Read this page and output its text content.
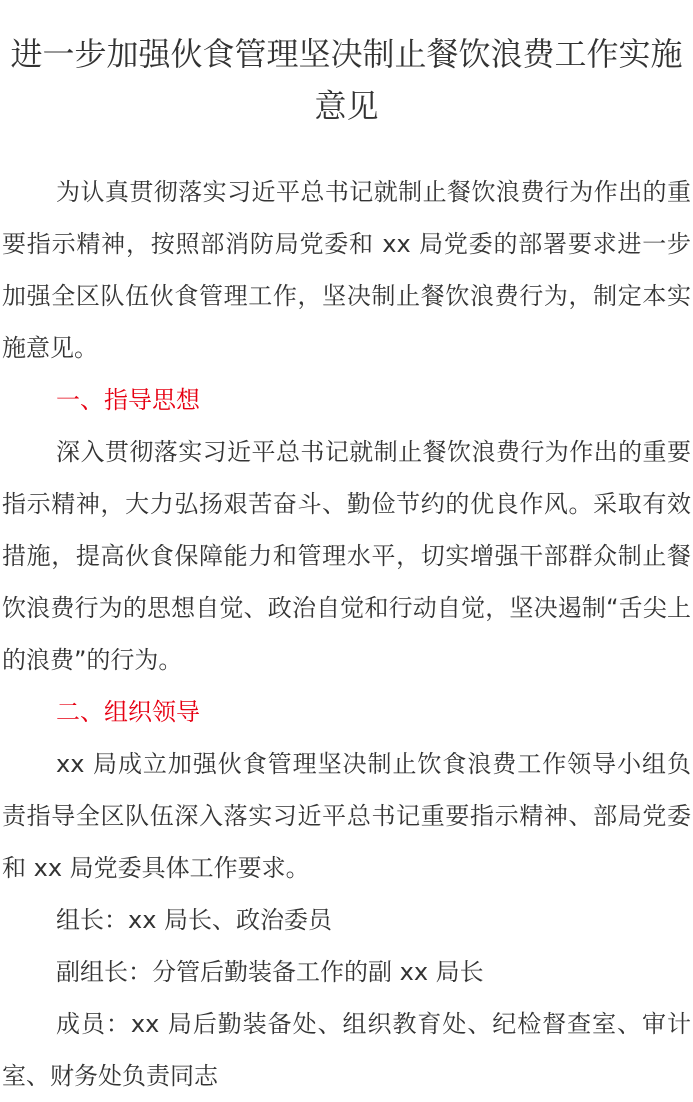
进一步加强伙食管理坚决制止餐饮浪费工作实施意见

为认真贯彻落实习近平总书记就制止餐饮浪费行为作出的重要指示精神，按照部消防局党委和 xx 局党委的部署要求进一步加强全区队伍伙食管理工作，坚决制止餐饮浪费行为，制定本实施意见。

一、指导思想

深入贯彻落实习近平总书记就制止餐饮浪费行为作出的重要指示精神，大力弘扬艰苦奋斗、勤俭节约的优良作风。采取有效措施，提高伙食保障能力和管理水平，切实增强干部群众制止餐饮浪费行为的思想自觉、政治自觉和行动自觉，坚决遏制“舌尖上的浪费”的行为。

二、组织领导

xx 局成立加强伙食管理坚决制止饮食浪费工作领导小组负责指导全区队伍深入落实习近平总书记重要指示精神、部局党委和 xx 局党委具体工作要求。

组长：xx 局长、政治委员

副组长：分管后勤装备工作的副 xx 局长

成员：xx 局后勤装备处、组织教育处、纪检督查室、审计室、财务处负责同志
